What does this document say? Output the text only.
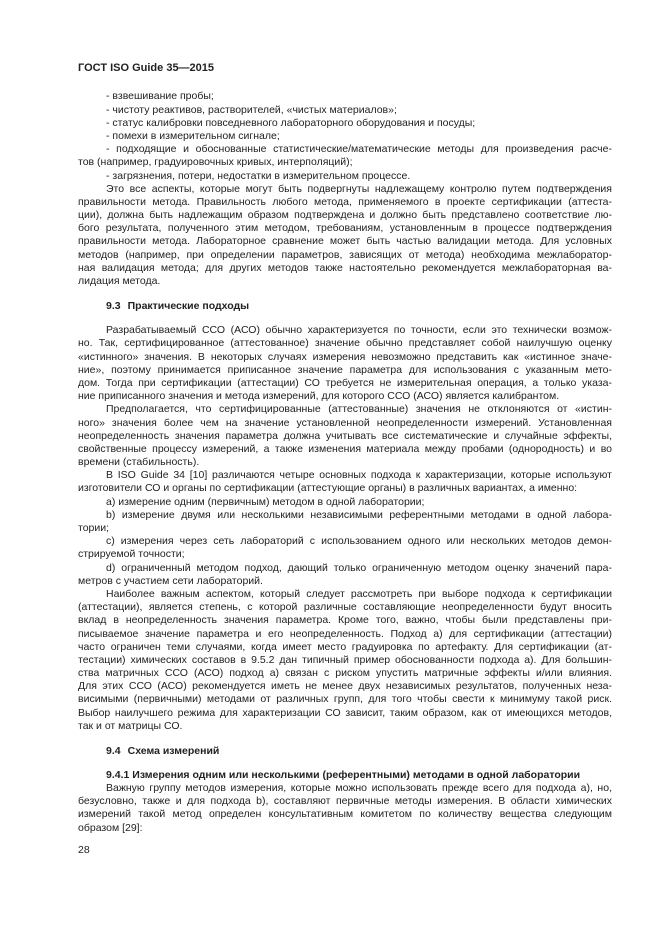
ГОСТ ISO Guide 35—2015
- взвешивание пробы;
- чистоту реактивов, растворителей, «чистых материалов»;
- статус калибровки повседневного лабораторного оборудования и посуды;
- помехи в измерительном сигнале;
- подходящие и обоснованные статистические/математические методы для произведения расче-
тов (например, градуировочных кривых, интерполяций);
- загрязнения, потери, недостатки в измерительном процессе.
Это все аспекты, которые могут быть подвергнуты надлежащему контролю путем подтверждения
правильности метода. Правильность любого метода, применяемого в проекте сертификации (аттеста-
ции), должна быть надлежащим образом подтверждена и должно быть представлено соответствие лю-
бого результата, полученного этим методом, требованиям, установленным в процессе подтверждения
правильности метода. Лабораторное сравнение может быть частью валидации метода. Для условных
методов (например, при определении параметров, зависящих от метода) необходима межлаборатор-
ная валидация метода; для других методов также настоятельно рекомендуется межлабораторная ва-
лидация метода.
9.3 Практические подходы
Разрабатываемый ССО (АСО) обычно характеризуется по точности, если это технически возмож-
но. Так, сертифицированное (аттестованное) значение обычно представляет собой наилучшую оценку
«истинного» значения. В некоторых случаях измерения невозможно представить как «истинное значе-
ние», поэтому принимается приписанное значение параметра для использования с указанным мето-
дом. Тогда при сертификации (аттестации) СО требуется не измерительная операция, а только указа-
ние приписанного значения и метода измерений, для которого ССО (АСО) является калибрантом.
Предполагается, что сертифицированные (аттестованные) значения не отклоняются от «истин-
ного» значения более чем на значение установленной неопределенности измерений. Установленная
неопределенность значения параметра должна учитывать все систематические и случайные эффекты,
свойственные процессу измерений, а также изменения материала между пробами (однородность) и во
времени (стабильность).
В ISO Guide 34 [10] различаются четыре основных подхода к характеризации, которые используют
изготовители СО и органы по сертификации (аттестующие органы) в различных вариантах, а именно:
a) измерение одним (первичным) методом в одной лаборатории;
b) измерение двумя или несколькими независимыми референтными методами в одной лабора-
тории;
c) измерения через сеть лабораторий с использованием одного или нескольких методов демон-
стрируемой точности;
d) ограниченный методом подход, дающий только ограниченную методом оценку значений пара-
метров с участием сети лабораторий.
Наиболее важным аспектом, который следует рассмотреть при выборе подхода к сертификации
(аттестации), является степень, с которой различные составляющие неопределенности будут вносить
вклад в неопределенность значения параметра. Кроме того, важно, чтобы были представлены при-
писываемое значение параметра и его неопределенность. Подход a) для сертификации (аттестации)
часто ограничен теми случаями, когда имеет место градуировка по артефакту. Для сертификации (ат-
тестации) химических составов в 9.5.2 дан типичный пример обоснованности подхода a). Для большин-
ства матричных ССО (АСО) подход a) связан с риском упустить матричные эффекты и/или влияния.
Для этих ССО (АСО) рекомендуется иметь не менее двух независимых результатов, полученных неза-
висимыми (первичными) методами от различных групп, для того чтобы свести к минимуму такой риск.
Выбор наилучшего режима для характеризации СО зависит, таким образом, как от имеющихся методов,
так и от матрицы СО.
9.4 Схема измерений
9.4.1 Измерения одним или несколькими (референтными) методами в одной лаборатории
Важную группу методов измерения, которые можно использовать прежде всего для подхода a), но,
безусловно, также и для подхода b), составляют первичные методы измерения. В области химических
измерений такой метод определен консультативным комитетом по количеству вещества следующим
образом [29]:
28
